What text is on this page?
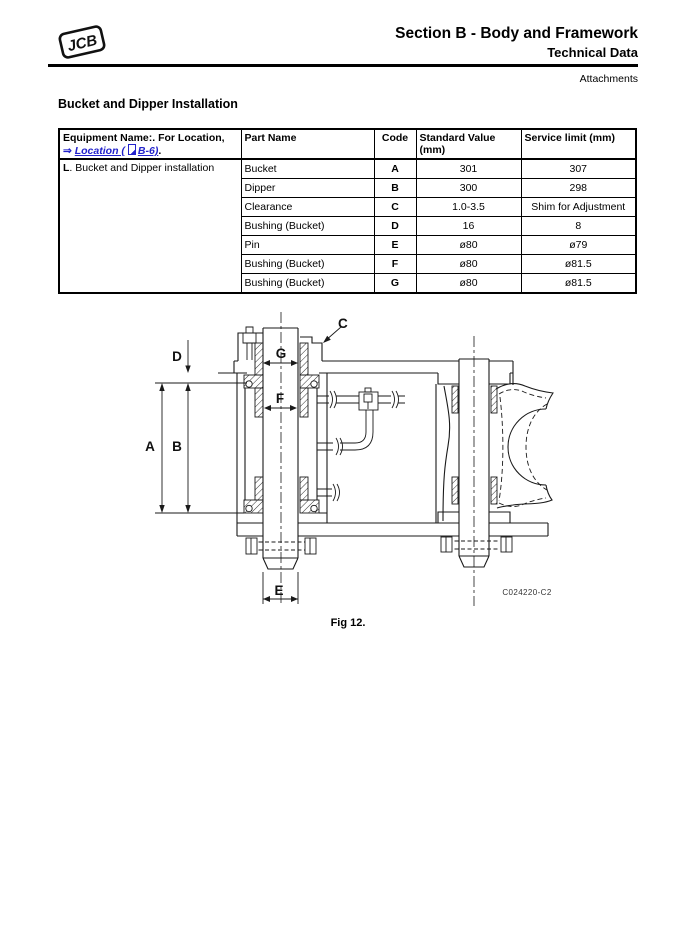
JCB	Section B - Body and Framework
Technical Data
Attachments
Bucket and Dipper Installation
Equipment Name:. For Location,
⇒ Location ( B-6).	Part Name	Code	Standard Value (mm)	Service limit (mm)
L. Bucket and Dipper installation	Bucket	A	301	307
	Dipper	B	300	298
	Clearance	C	1.0-3.5	Shim for Adjustment
	Bushing (Bucket)	D	16	8
	Pin	E	ø80	ø79
	Bushing (Bucket)	F	ø80	ø81.5
	Bushing (Bucket)	G	ø80	ø81.5
A B
D	G
F
E
C
C024220-C2
Fig 12.
